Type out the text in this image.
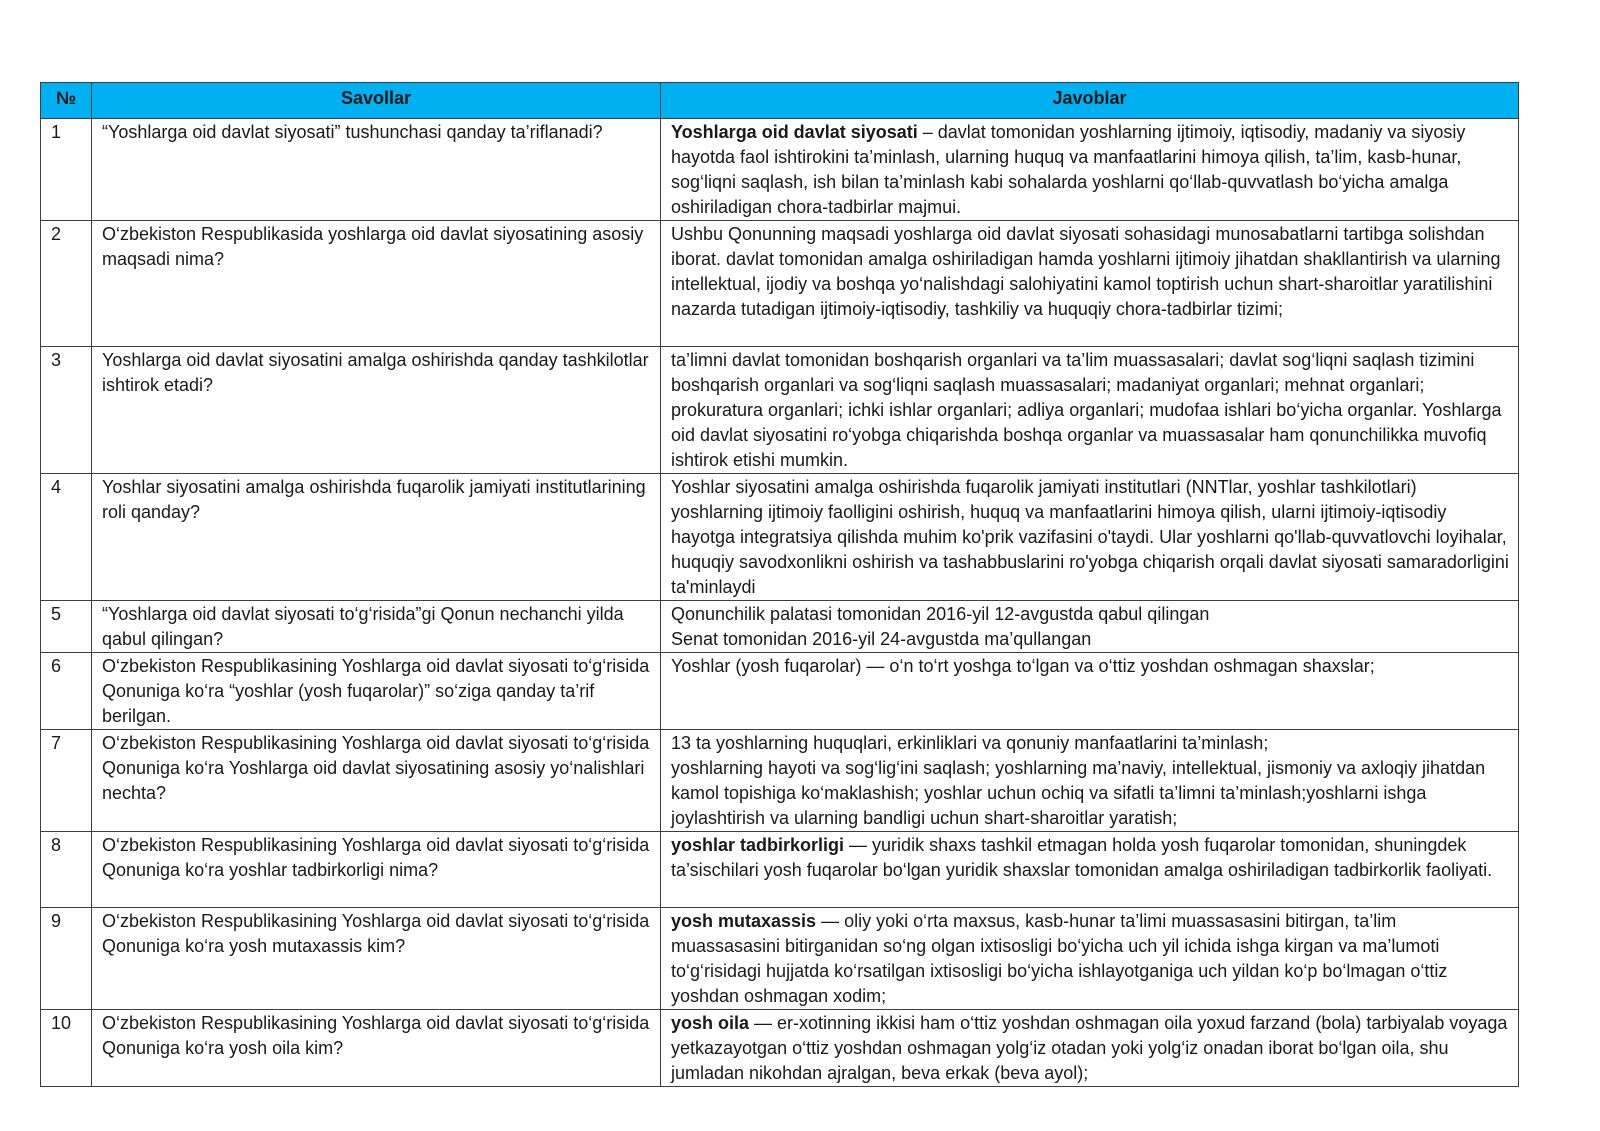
№	Savollar	Javoblar
1	“Yoshlarga oid davlat siyosati” tushunchasi qanday ta’riflanadi?	Yoshlarga oid davlat siyosati – davlat tomonidan yoshlarning ijtimoiy, iqtisodiy, madaniy va siyosiy hayotda faol ishtirokini ta’minlash, ularning huquq va manfaatlarini himoya qilish, ta’lim, kasb-hunar, sog‘liqni saqlash, ish bilan ta’minlash kabi sohalarda yoshlarni qo‘llab-quvvatlash bo‘yicha amalga oshiriladigan chora-tadbirlar majmui.
2	O‘zbekiston Respublikasida yoshlarga oid davlat siyosatining asosiy maqsadi nima?	Ushbu Qonunning maqsadi yoshlarga oid davlat siyosati sohasidagi munosabatlarni tartibga solishdan iborat. davlat tomonidan amalga oshiriladigan hamda yoshlarni ijtimoiy jihatdan shakllantirish va ularning intellektual, ijodiy va boshqa yo‘nalishdagi salohiyatini kamol toptirish uchun shart-sharoitlar yaratilishini nazarda tutadigan ijtimoiy-iqtisodiy, tashkiliy va huquqiy chora-tadbirlar tizimi;
3	Yoshlarga oid davlat siyosatini amalga oshirishda qanday tashkilotlar ishtirok etadi?	ta’limni davlat tomonidan boshqarish organlari va ta’lim muassasalari; davlat sog‘liqni saqlash tizimini boshqarish organlari va sog‘liqni saqlash muassasalari; madaniyat organlari; mehnat organlari; prokuratura organlari; ichki ishlar organlari; adliya organlari; mudofaa ishlari bo‘yicha organlar. Yoshlarga oid davlat siyosatini ro‘yobga chiqarishda boshqa organlar va muassasalar ham qonunchilikka muvofiq ishtirok etishi mumkin.
4	Yoshlar siyosatini amalga oshirishda fuqarolik jamiyati institutlarining roli qanday?	Yoshlar siyosatini amalga oshirishda fuqarolik jamiyati institutlari (NNTlar, yoshlar tashkilotlari) yoshlarning ijtimoiy faolligini oshirish, huquq va manfaatlarini himoya qilish, ularni ijtimoiy-iqtisodiy hayotga integratsiya qilishda muhim ko'prik vazifasini o'taydi. Ular yoshlarni qo'llab-quvvatlovchi loyihalar, huquqiy savodxonlikni oshirish va tashabbuslarini ro'yobga chiqarish orqali davlat siyosati samaradorligini ta'minlaydi
5	“Yoshlarga oid davlat siyosati to‘g‘risida”gi Qonun nechanchi yilda qabul qilingan?	Qonunchilik palatasi tomonidan 2016-yil 12-avgustda qabul qilingan
Senat tomonidan 2016-yil 24-avgustda ma’qullangan
6	O‘zbekiston Respublikasining Yoshlarga oid davlat siyosati to‘g‘risida Qonuniga ko‘ra “yoshlar (yosh fuqarolar)” so‘ziga qanday ta’rif berilgan.	Yoshlar (yosh fuqarolar) — o‘n to‘rt yoshga to‘lgan va o‘ttiz yoshdan oshmagan shaxslar;
7	O‘zbekiston Respublikasining Yoshlarga oid davlat siyosati to‘g‘risida Qonuniga ko‘ra Yoshlarga oid davlat siyosatining asosiy yo‘nalishlari nechta?	13 ta yoshlarning huquqlari, erkinliklari va qonuniy manfaatlarini ta’minlash;
yoshlarning hayoti va sog‘lig‘ini saqlash; yoshlarning ma’naviy, intellektual, jismoniy va axloqiy jihatdan kamol topishiga ko‘maklashish; yoshlar uchun ochiq va sifatli ta’limni ta’minlash;yoshlarni ishga joylashtirish va ularning bandligi uchun shart-sharoitlar yaratish;
8	O‘zbekiston Respublikasining Yoshlarga oid davlat siyosati to‘g‘risida Qonuniga ko‘ra yoshlar tadbirkorligi nima?	yoshlar tadbirkorligi — yuridik shaxs tashkil etmagan holda yosh fuqarolar tomonidan, shuningdek ta’sischilari yosh fuqarolar bo‘lgan yuridik shaxslar tomonidan amalga oshiriladigan tadbirkorlik faoliyati.
9	O‘zbekiston Respublikasining Yoshlarga oid davlat siyosati to‘g‘risida Qonuniga ko‘ra yosh mutaxassis kim?	yosh mutaxassis — oliy yoki o‘rta maxsus, kasb-hunar ta’limi muassasasini bitirgan, ta’lim muassasasini bitirganidan so‘ng olgan ixtisosligi bo‘yicha uch yil ichida ishga kirgan va ma’lumoti to‘g‘risidagi hujjatda ko‘rsatilgan ixtisosligi bo‘yicha ishlayotganiga uch yildan ko‘p bo‘lmagan o‘ttiz yoshdan oshmagan xodim;
10	O‘zbekiston Respublikasining Yoshlarga oid davlat siyosati to‘g‘risida Qonuniga ko‘ra yosh oila kim?	yosh oila — er-xotinning ikkisi ham o‘ttiz yoshdan oshmagan oila yoxud farzand (bola) tarbiyalab voyaga yetkazayotgan o‘ttiz yoshdan oshmagan yolg‘iz otadan yoki yolg‘iz onadan iborat bo‘lgan oila, shu jumladan nikohdan ajralgan, beva erkak (beva ayol);
